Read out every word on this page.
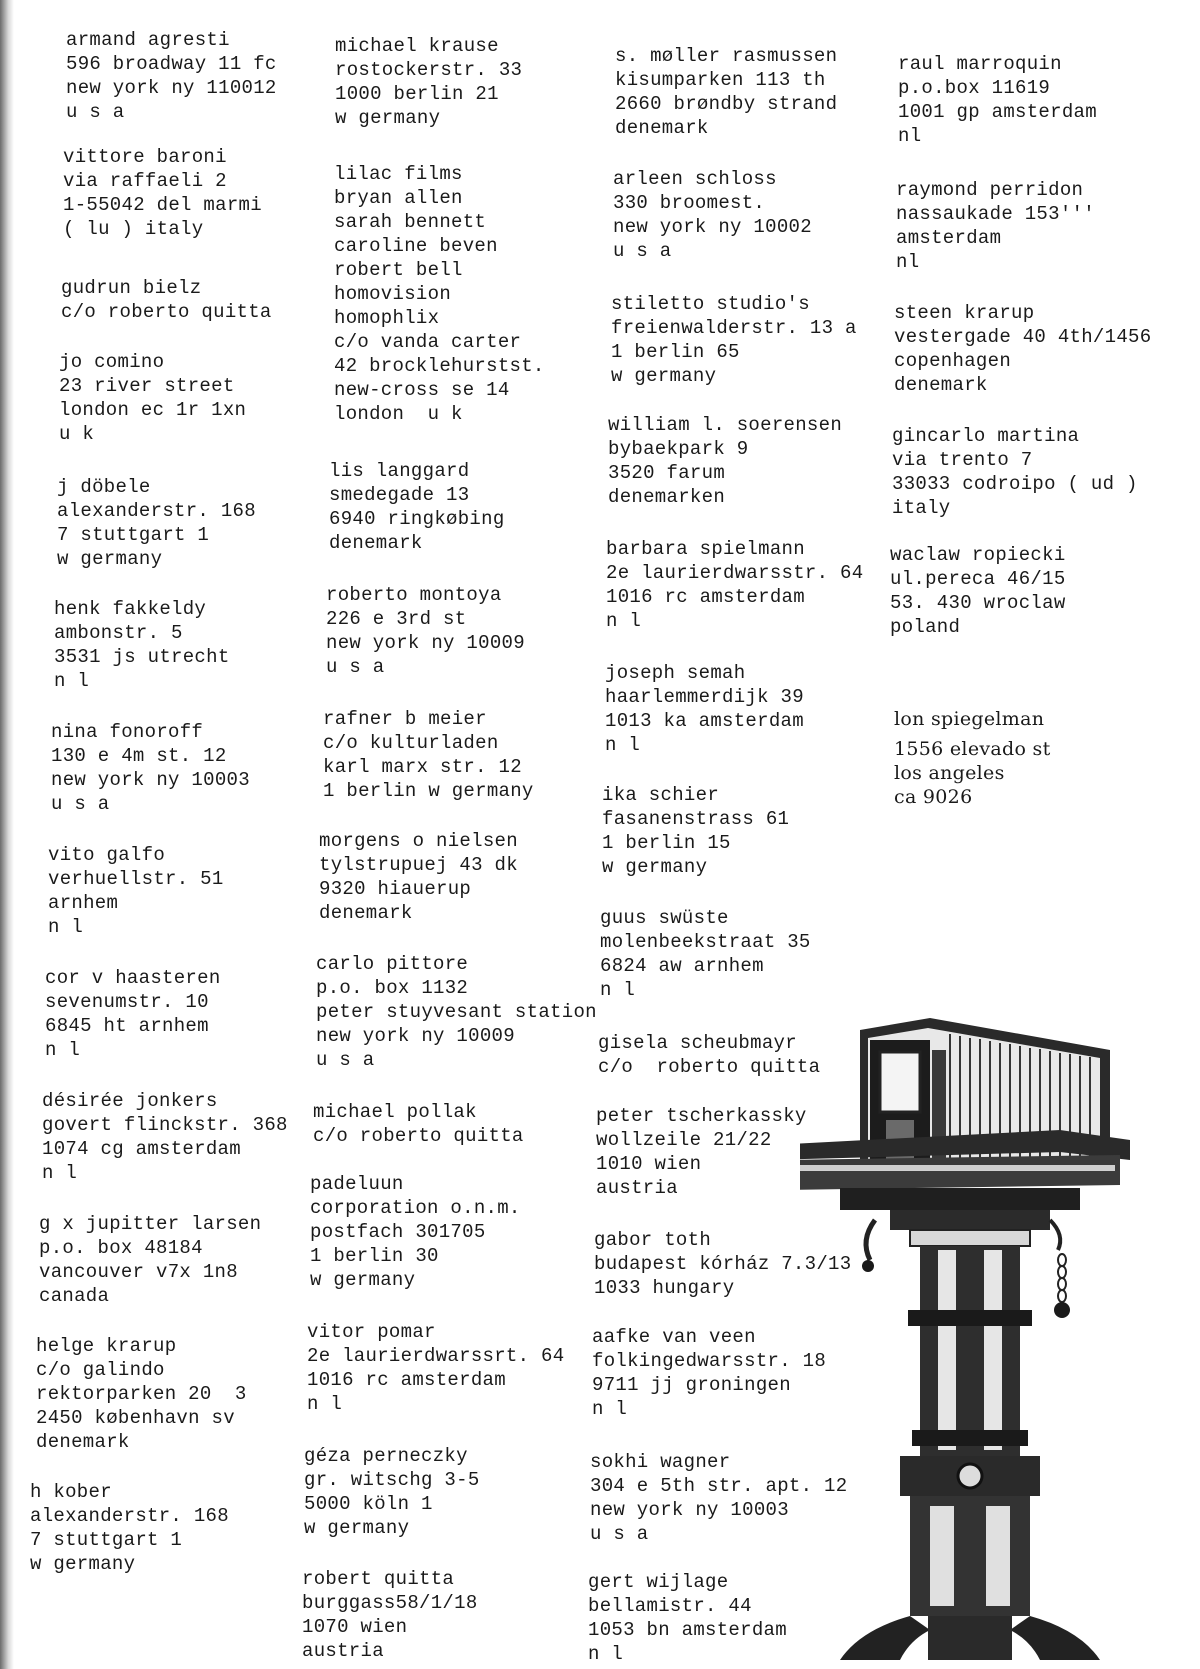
armand agresti
596 broadway 11 fc
new york ny 110012
u s a
vittore baroni
via raffaeli 2
1-55042 del marmi
( lu ) italy
gudrun bielz
c/o roberto quitta
jo comino
23 river street
london ec 1r 1xn
u k
j döbele
alexanderstr. 168
7 stuttgart 1
w germany
henk fakkeldy
ambonstr. 5
3531 js utrecht
n l
nina fonoroff
130 e 4m st. 12
new york ny 10003
u s a
vito galfo
verhuellstr. 51
arnhem
n l
cor v haasteren
sevenumstr. 10
6845 ht arnhem
n l
désirée jonkers
govert flinckstr. 368
1074 cg amsterdam
n l
g x jupitter larsen
p.o. box 48184
vancouver v7x 1n8
canada
helge krarup
c/o galindo
rektorparken 20  3
2450 københavn sv
denemark
h kober
alexanderstr. 168
7 stuttgart 1
w germany
michael krause
rostockerstr. 33
1000 berlin 21
w germany
lilac films
bryan allen
sarah bennett
caroline beven
robert bell
homovision
homophlix
c/o vanda carter
42 brocklehurstst.
new-cross se 14
london  u k
lis langgard
smedegade 13
6940 ringkøbing
denemark
roberto montoya
226 e 3rd st
new york ny 10009
u s a
rafner b meier
c/o kulturladen
karl marx str. 12
1 berlin w germany
morgens o nielsen
tylstrupuej 43 dk
9320 hiauerup
denemark
carlo pittore
p.o. box 1132
peter stuyvesant station
new york ny 10009
u s a
michael pollak
c/o roberto quitta
padeluun
corporation o.n.m.
postfach 301705
1 berlin 30
w germany
vitor pomar
2e laurierdwarssrt. 64
1016 rc amsterdam
n l
géza perneczky
gr. witschg 3-5
5000 köln 1
w germany
robert quitta
burggass58/1/18
1070 wien
austria
s. møller rasmussen
kisumparken 113 th
2660 brøndby strand
denemark
arleen schloss
330 broomest.
new york ny 10002
u s a
stiletto studio's
freienwalderstr. 13 a
1 berlin 65
w germany
william l. soerensen
bybaekpark 9
3520 farum
denemarken
barbara spielmann
2e laurierdwarsstr. 64
1016 rc amsterdam
n l
joseph semah
haarlemmerdijk 39
1013 ka amsterdam
n l
ika schier
fasanenstrass 61
1 berlin 15
w germany
guus swüste
molenbeekstraat 35
6824 aw arnhem
n l
gisela scheubmayr
c/o  roberto quitta
peter tscherkassky
wollzeile 21/22
1010 wien
austria
gabor toth
budapest kórház 7.3/13
1033 hungary
aafke van veen
folkingedwarsstr. 18
9711 jj groningen
n l
sokhi wagner
304 e 5th str. apt. 12
new york ny 10003
u s a
gert wijlage
bellamistr. 44
1053 bn amsterdam
n l
raul marroquin
p.o.box 11619
1001 gp amsterdam
nl
raymond perridon
nassaukade 153'''
amsterdam
nl
steen krarup
vestergade 40 4th/1456
copenhagen
denemark
gincarlo martina
via trento 7
33033 codroipo ( ud )
italy
waclaw ropiecki
ul.pereca 46/15
53. 430 wroclaw
poland
lon spiegelman
1556 elevado st
los angeles
ca 9026
